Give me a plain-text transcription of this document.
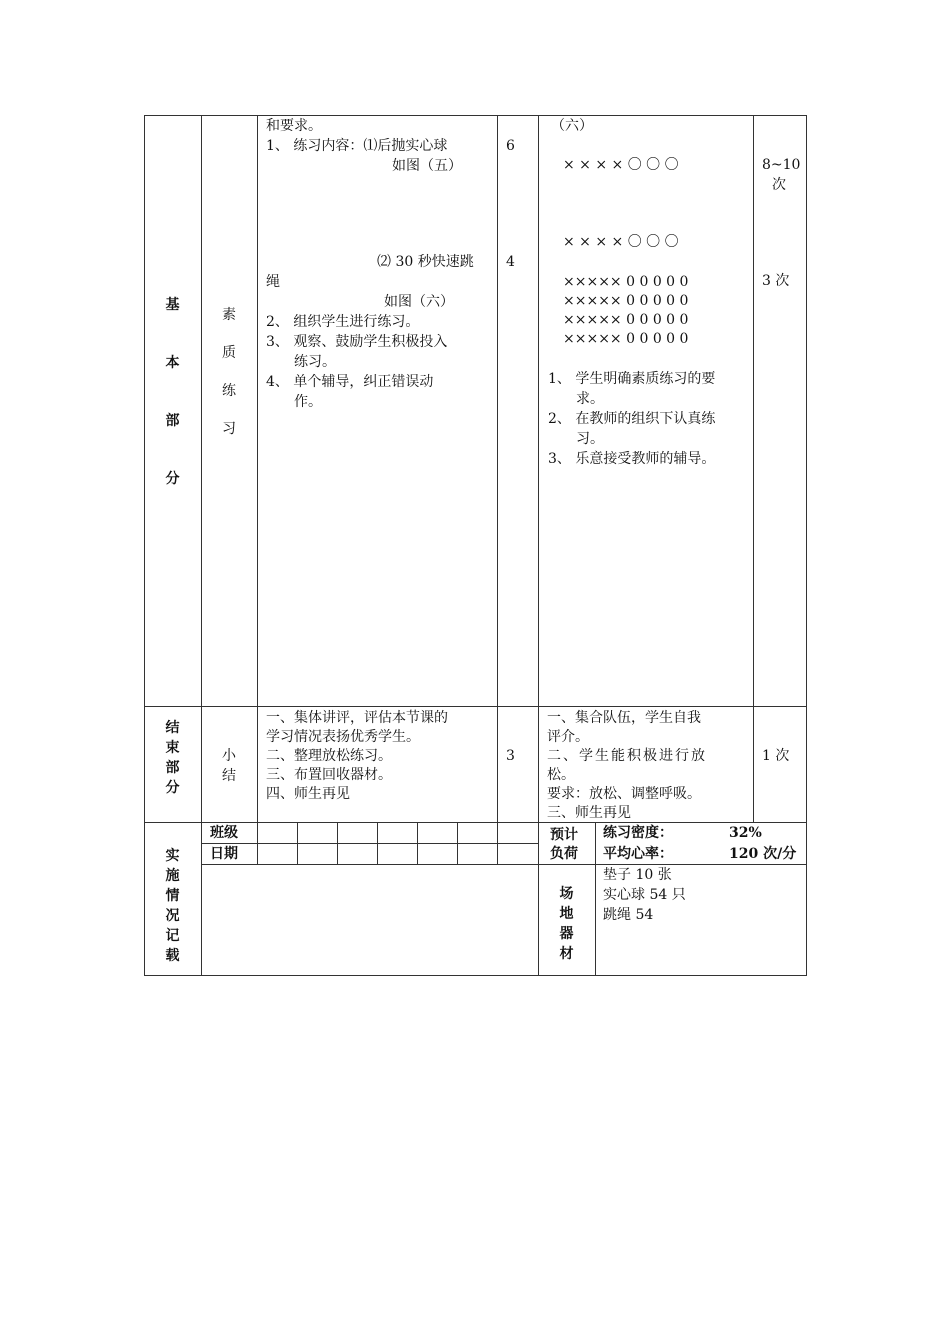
基
本
部
分
素
质
练
习
和要求。
1、 练习内容：⑴后抛实心球
如图（五）
⑵ 30 秒快速跳
绳
如图（六）
2、 组织学生进行练习。
3、 观察、鼓励学生积极投入
练习。
4、 单个辅导，纠正错误动
作。
6
4
（六）
× × × × 〇 〇 〇
× × × × 〇 〇 〇
××××× 0 0 0 0 0
××××× 0 0 0 0 0
××××× 0 0 0 0 0
××××× 0 0 0 0 0
1、 学生明确素质练习的要
求。
2、 在教师的组织下认真练
习。
3、 乐意接受教师的辅导。
8~10
次
3 次
结
束
部
分
小
结
一、集体讲评，评估本节课的
学习情况表扬优秀学生。
二、整理放松练习。
三、布置回收器材。
四、师生再见
3
一、集合队伍，学生自我
评介。
二、学生能积极进行放
松。
要求：放松、调整呼吸。
三、师生再见
1 次
实
施
情
况
记
载
班级
日期
预计
负荷
练习密度：	32%
平均心率：	120 次/分
场
地
器
材
垫子 10 张
实心球 54 只
跳绳 54
